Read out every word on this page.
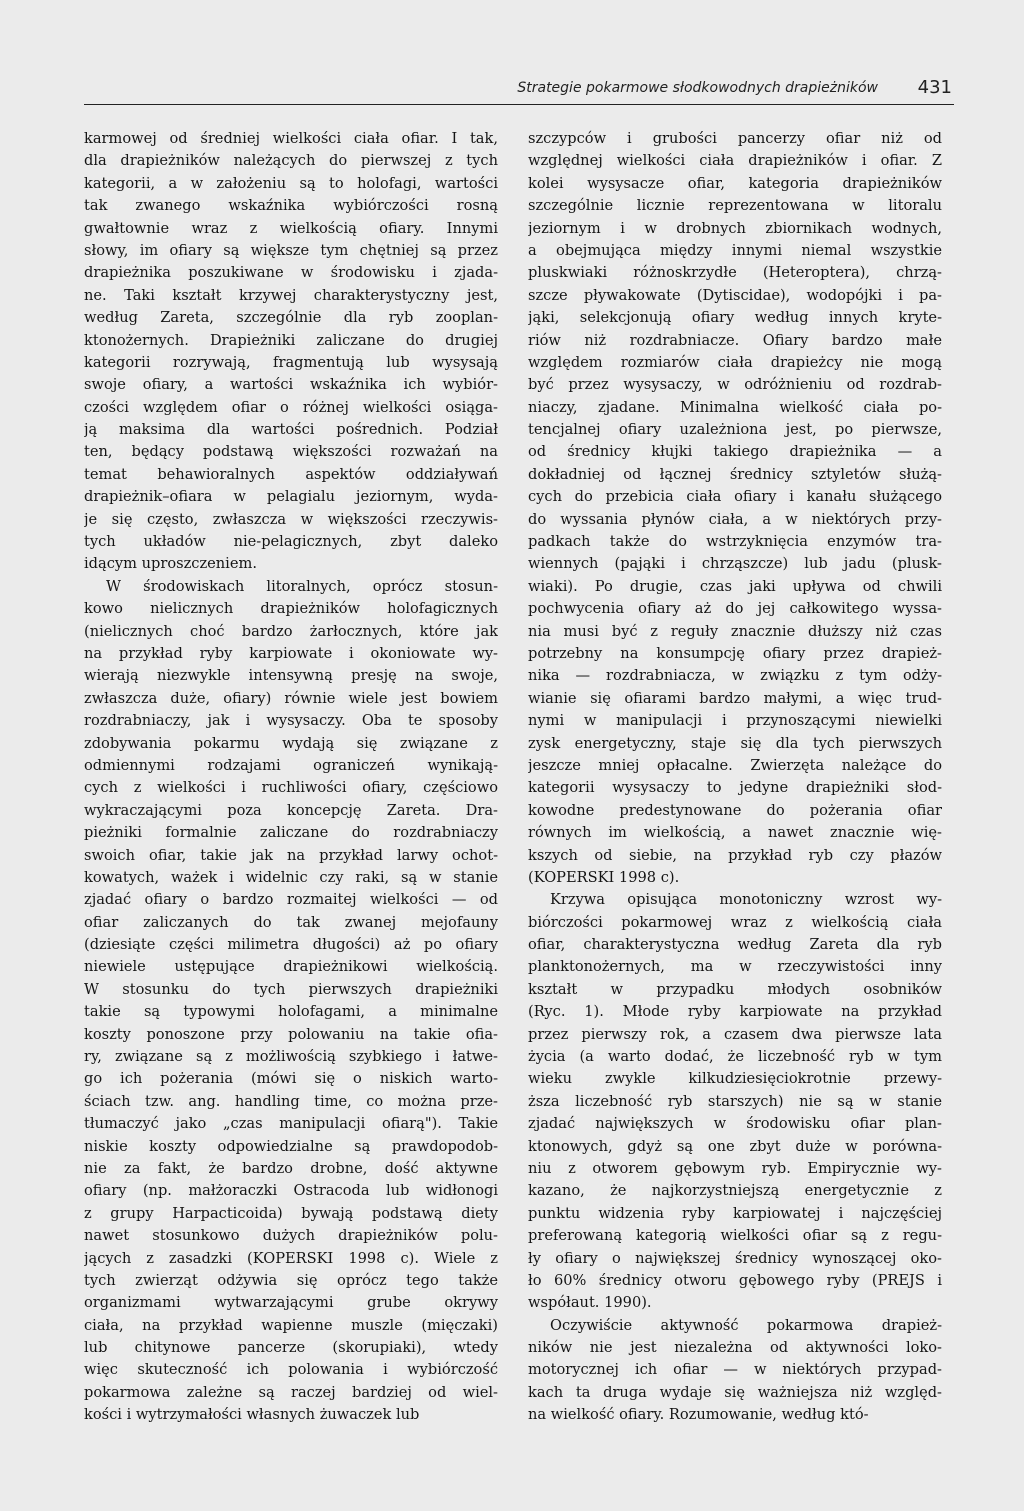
Strategie pokarmowe słodkowodnych drapieżników 431
karmowej od średniej wielkości ciała ofiar. I tak,
dla drapieżników należących do pierwszej z tych
kategorii, a w założeniu są to holofagi, wartości
tak zwanego wskaźnika wybiórczości rosną
gwałtownie wraz z wielkością ofiary. Innymi
słowy, im ofiary są większe tym chętniej są przez
drapieżnika poszukiwane w środowisku i zjada-
ne. Taki kształt krzywej charakterystyczny jest,
według Zareta, szczególnie dla ryb zooplan-
ktonożernych. Drapieżniki zaliczane do drugiej
kategorii rozrywają, fragmentują lub wysysają
swoje ofiary, a wartości wskaźnika ich wybiór-
czości względem ofiar o różnej wielkości osiąga-
ją maksima dla wartości pośrednich. Podział
ten, będący podstawą większości rozważań na
temat behawioralnych aspektów oddziaływań
drapieżnik–ofiara w pelagialu jeziornym, wyda-
je się często, zwłaszcza w większości rzeczywis-
tych układów nie-pelagicznych, zbyt daleko
idącym uproszczeniem.
W środowiskach litoralnych, oprócz stosun-
kowo nielicznych drapieżników holofagicznych
(nielicznych choć bardzo żarłocznych, które jak
na przykład ryby karpiowate i okoniowate wy-
wierają niezwykle intensywną presję na swoje,
zwłaszcza duże, ofiary) równie wiele jest bowiem
rozdrabniaczy, jak i wysysaczy. Oba te sposoby
zdobywania pokarmu wydają się związane z
odmiennymi rodzajami ograniczeń wynikają-
cych z wielkości i ruchliwości ofiary, częściowo
wykraczającymi poza koncepcję Zareta. Dra-
pieżniki formalnie zaliczane do rozdrabniaczy
swoich ofiar, takie jak na przykład larwy ochot-
kowatych, ważek i widelnic czy raki, są w stanie
zjadać ofiary o bardzo rozmaitej wielkości — od
ofiar zaliczanych do tak zwanej mejofauny
(dziesiąte części milimetra długości) aż po ofiary
niewiele ustępujące drapieżnikowi wielkością.
W stosunku do tych pierwszych drapieżniki
takie są typowymi holofagami, a minimalne
koszty ponoszone przy polowaniu na takie ofia-
ry, związane są z możliwością szybkiego i łatwe-
go ich pożerania (mówi się o niskich warto-
ściach tzw. ang. handling time, co można prze-
tłumaczyć jako „czas manipulacji ofiarą"). Takie
niskie koszty odpowiedzialne są prawdopodob-
nie za fakt, że bardzo drobne, dość aktywne
ofiary (np. małżoraczki Ostracoda lub widłonogi
z grupy Harpacticoida) bywają podstawą diety
nawet stosunkowo dużych drapieżników polu-
jących z zasadzki (KOPERSKI 1998 c). Wiele z
tych zwierząt odżywia się oprócz tego także
organizmami wytwarzającymi grube okrywy
ciała, na przykład wapienne muszle (mięczaki)
lub chitynowe pancerze (skorupiaki), wtedy
więc skuteczność ich polowania i wybiórczość
pokarmowa zależne są raczej bardziej od wiel-
kości i wytrzymałości własnych żuwaczek lub
szczypców i grubości pancerzy ofiar niż od
względnej wielkości ciała drapieżników i ofiar. Z
kolei wysysacze ofiar, kategoria drapieżników
szczególnie licznie reprezentowana w litoralu
jeziornym i w drobnych zbiornikach wodnych,
a obejmująca między innymi niemal wszystkie
pluskwiaki różnoskrzydłe (Heteroptera), chrzą-
szcze pływakowate (Dytiscidae), wodopójki i pa-
jąki, selekcjonują ofiary według innych kryte-
riów niż rozdrabniacze. Ofiary bardzo małe
względem rozmiarów ciała drapieżcy nie mogą
być przez wysysaczy, w odróżnieniu od rozdrab-
niaczy, zjadane. Minimalna wielkość ciała po-
tencjalnej ofiary uzależniona jest, po pierwsze,
od średnicy kłujki takiego drapieżnika — a
dokładniej od łącznej średnicy sztyletów służą-
cych do przebicia ciała ofiary i kanału służącego
do wyssania płynów ciała, a w niektórych przy-
padkach także do wstrzyknięcia enzymów tra-
wiennych (pająki i chrząszcze) lub jadu (plusk-
wiaki). Po drugie, czas jaki upływa od chwili
pochwycenia ofiary aż do jej całkowitego wyssa-
nia musi być z reguły znacznie dłuższy niż czas
potrzebny na konsumpcję ofiary przez drapież-
nika — rozdrabniacza, w związku z tym odży-
wianie się ofiarami bardzo małymi, a więc trud-
nymi w manipulacji i przynoszącymi niewielki
zysk energetyczny, staje się dla tych pierwszych
jeszcze mniej opłacalne. Zwierzęta należące do
kategorii wysysaczy to jedyne drapieżniki słod-
kowodne predestynowane do pożerania ofiar
równych im wielkością, a nawet znacznie wię-
kszych od siebie, na przykład ryb czy płazów
(KOPERSKI 1998 c).
Krzywa opisująca monotoniczny wzrost wy-
biórczości pokarmowej wraz z wielkością ciała
ofiar, charakterystyczna według Zareta dla ryb
planktonożernych, ma w rzeczywistości inny
kształt w przypadku młodych osobników
(Ryc. 1). Młode ryby karpiowate na przykład
przez pierwszy rok, a czasem dwa pierwsze lata
życia (a warto dodać, że liczebność ryb w tym
wieku zwykle kilkudziesięciokrotnie przewy-
ższa liczebność ryb starszych) nie są w stanie
zjadać największych w środowisku ofiar plan-
ktonowych, gdyż są one zbyt duże w porówna-
niu z otworem gębowym ryb. Empirycznie wy-
kazano, że najkorzystniejszą energetycznie z
punktu widzenia ryby karpiowatej i najczęściej
preferowaną kategorią wielkości ofiar są z regu-
ły ofiary o największej średnicy wynoszącej oko-
ło 60% średnicy otworu gębowego ryby (PREJS i
współaut. 1990).
Oczywiście aktywność pokarmowa drapież-
ników nie jest niezależna od aktywności loko-
motorycznej ich ofiar — w niektórych przypad-
kach ta druga wydaje się ważniejsza niż względ-
na wielkość ofiary. Rozumowanie, według któ-
